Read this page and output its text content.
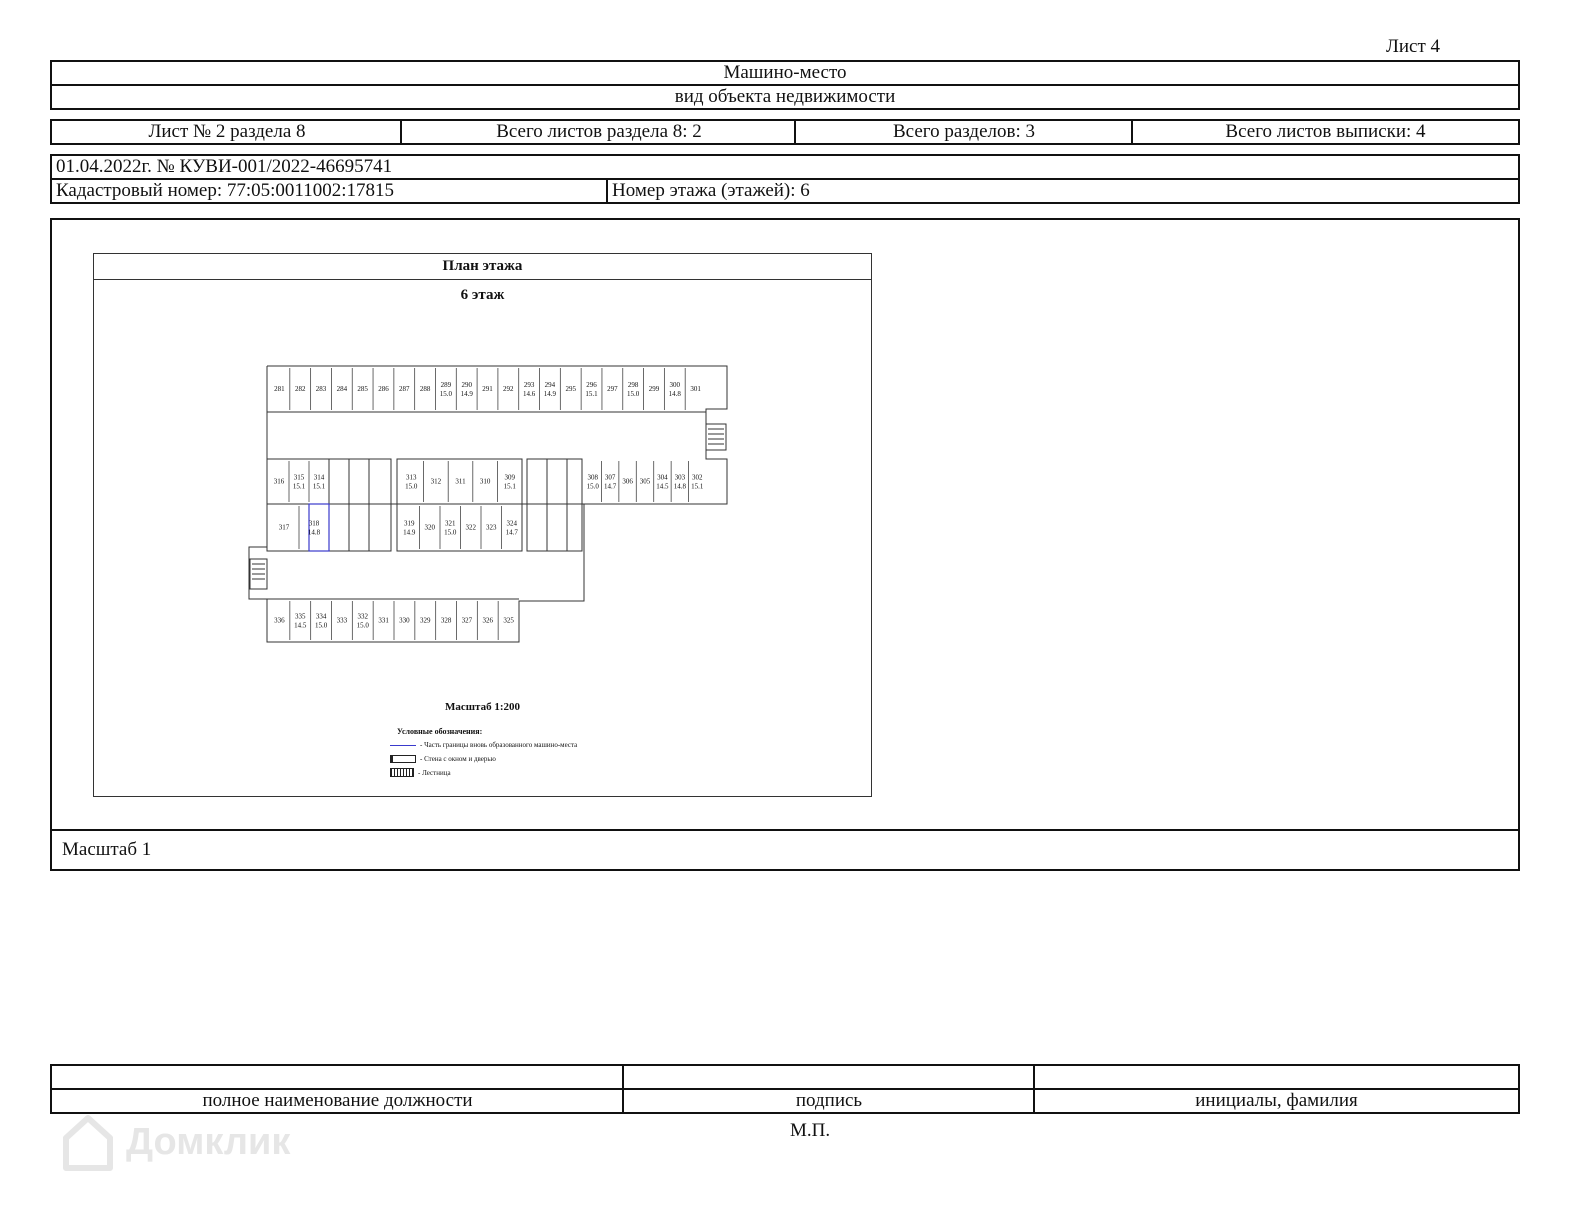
Лист 4
Машино-место
вид объекта недвижимости
Лист № 2 раздела 8	Всего листов раздела 8: 2	Всего разделов: 3	Всего листов выписки: 4
01.04.2022г. № КУВИ-001/2022-46695741
Кадастровый номер: 77:05:0011002:17815	Номер этажа (этажей): 6
Масштаб 1
План этажа
6 этаж
281 282 283 284 285 286 287 288 289
15.0
290
14.9
291 292 293
14.6
294
14.9
295 296
15.1
297 298
15.0
299 300
14.8
301
316 315
15.1
314
15.1
313
15.0
312 311 310 309
15.1
308
15.0
307
14.7
306 305 304
14.5
303
14.8
302
15.1
317	318
14.8
319
14.9
320 321
15.0
322 323 324
14.7
336 335
14.5
334
15.0
333 332
15.0
331 330 329 328 327 326 325
Масштаб 1:200
Условные обозначения:
- Часть границы вновь образованного машино-места
- Стена с окном и дверью
- Лестница
полное наименование должности	подпись	инициалы, фамилия
М.П.
Домклик
